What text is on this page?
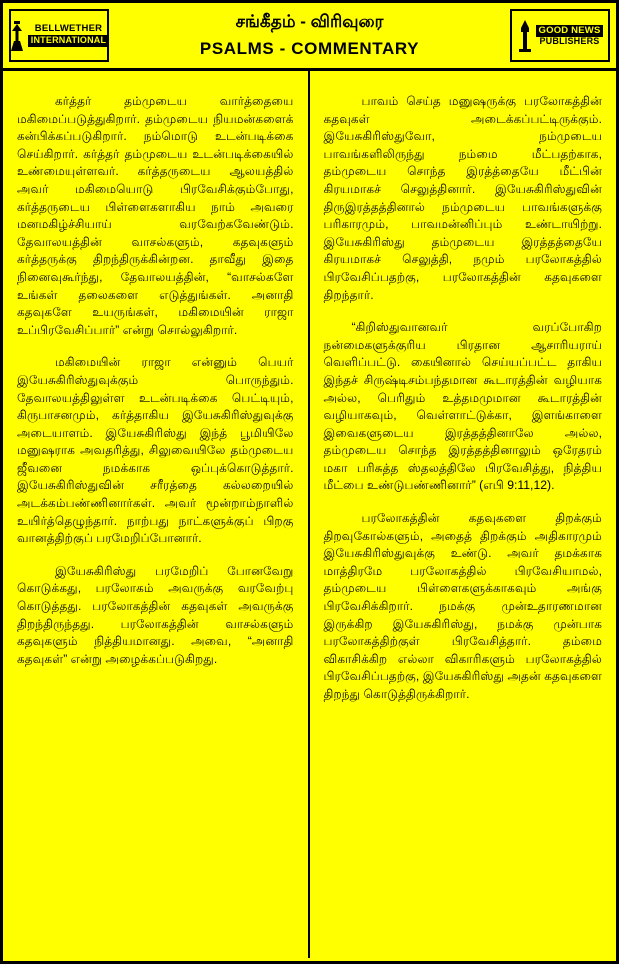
BELLWETHER
INTERNATIONAL
சங்கீதம் - விரிவுரை
PSALMS - COMMENTARY
GOOD NEWS
PUBLISHERS

கர்த்தர் தம்முடைய வார்த்தையை மகிமைப்படுத்துகிறார். தம்முடைய நியமன்களைக் கன்பிக்கப்படுகிறார். நம்மொடு உடன்படிக்கை செய்கிறார். கர்த்தர் தம்முடைய உடன்படிக்கையில் உண்மையுள்ளவர். கர்த்தருடைய ஆலயத்தில் அவர் மகிமையொடு பிரவேசிக்கும்போது, கர்த்தருடைய பிள்ளைகளாகிய நாம் அவரை மனமகிழ்ச்சியாய் வரவேற்கவேண்டும். தேவாலயத்தின் வாசல்களும், கதவுகளும் கர்த்தருக்கு திறந்திருக்கின்றன. தாவீது இதை நினைவுகூர்ந்து, தேவாலயத்தின், “வாசல்களே உங்கள் தலைகளை எடுத்துங்கள். அனாதி கதவுகளே உயருங்கள், மகிமையின் ராஜா உப்பிரவேசிப்பார்” என்று சொல்லுகிறார்.

மகிமையின் ராஜா என்னும் பெயர் இயேசுகிரிஸ்துவுக்கும் பொருந்தும். தேவாலயத்திலுள்ள உடன்படிக்கை பெட்டியும், கிருபாசனமும், கர்த்தாகிய இயேசுகிரிஸ்துவுக்கு அடையாளம். இயேசுகிரிஸ்து இந்த் பூமியிலே மனுஷராக அவதரித்து, சிலுவையிலே தம்முடைய ஜீவனை நமக்காக ஒப்புக்கொடுத்தார். இயேசுகிரிஸ்துவின் சரீரத்தை கல்லறையில் அடக்கம்பண்ணினார்கள். அவர் மூன்றாம்நாளில் உயிர்த்தெழுந்தார். நாற்பது நாட்களுக்குப் பிறகு வானத்திற்குப் பரமேறிப்போனார்.

இயேசுகிரிஸ்து பரமேறிப் போனவேறு கொடுக்கது, பரலோகம் அவருக்கு வரவேற்பு கொடுத்தது. பரலோகத்தின் கதவுகள் அவருக்கு திறந்திருந்தது. பரலோகத்தின் வாசல்களும் கதவுகளும் நித்தியமானது. அவை, “அனாதி கதவுகள்” என்று அழைக்கப்படுகிறது.

பாவம் செய்த மனுஷருக்கு பரலோகத்தின் கதவுகள் அடைக்கப்பட்டிருக்கும். இயேசுகிரிஸ்துவோ, நம்முடைய பாவங்களிலிருந்து நம்மை மீட்பதற்காக, தம்முடைய சொந்த இரத்த்தையே மீட்பின் கிரயமாகச் செலுத்தினார். இயேசுகிரிஸ்துவின் திருஇரத்தத்தினால் நம்முடைய பாவங்களுக்கு பரிகாரமும், பாவமன்னிப்பும் உண்டாயிற்று. இயேசுகிரிஸ்து தம்முடைய இரத்தத்தையே கிரயமாகச் செலுத்தி, நமும் பரலோகத்தில் பிரவேசிப்பதற்கு, பரலோகத்தின் கதவுகளை திறந்தார்.

“கிறிஸ்துவானவர் வரப்போகிற நன்மைகளுக்குரிய பிரதான ஆசாரியராய் வெளிப்பட்டு. கையினால் செய்யப்பட்ட தாகிய இந்தச் சிருஷ்டிசம்பந்தமான கூடாரத்தின் வழியாக அல்ல, பெரிதும் உத்தமமுமான கூடாரத்தின் வழியாகவும், வெள்ளாட்டுக்கா, இளங்காளை இவைகளுடைய இரத்தத்தினாலே அல்ல, தம்முடைய சொந்த இரத்தத்தினாலும் ஒரேதரம் மகா பரிசுத்த ஸ்தலத்திலே பிரவேசித்து, நித்திய மீட்பை உண்டுபண்ணினார்” (எபி 9:11,12).

பரலோகத்தின் கதவுகளை திறக்கும் திறவுகோல்களும், அதைத் திறக்கும் அதிகாரமும் இயேசுகிரிஸ்துவுக்கு உண்டு. அவர் தமக்காக மாத்திரமே பரலோகத்தில் பிரவேசியாமல், தம்முடைய பிள்ளைகளுக்காகவும் அங்கு பிரவேசிக்கிறார். நமக்கு முன்உதாரணமான இருக்கிற இயேசுகிரிஸ்து, நமக்கு முன்பாக பரலோகத்திற்குள் பிரவேசித்தார். தம்மை விகாசிக்கிற எல்லா விகாரிகளும் பரலோகத்தில் பிரவேசிப்பதற்கு, இயேசுகிரிஸ்து அதன் கதவுகளை திறந்து கொடுத்திருக்கிறார்.
